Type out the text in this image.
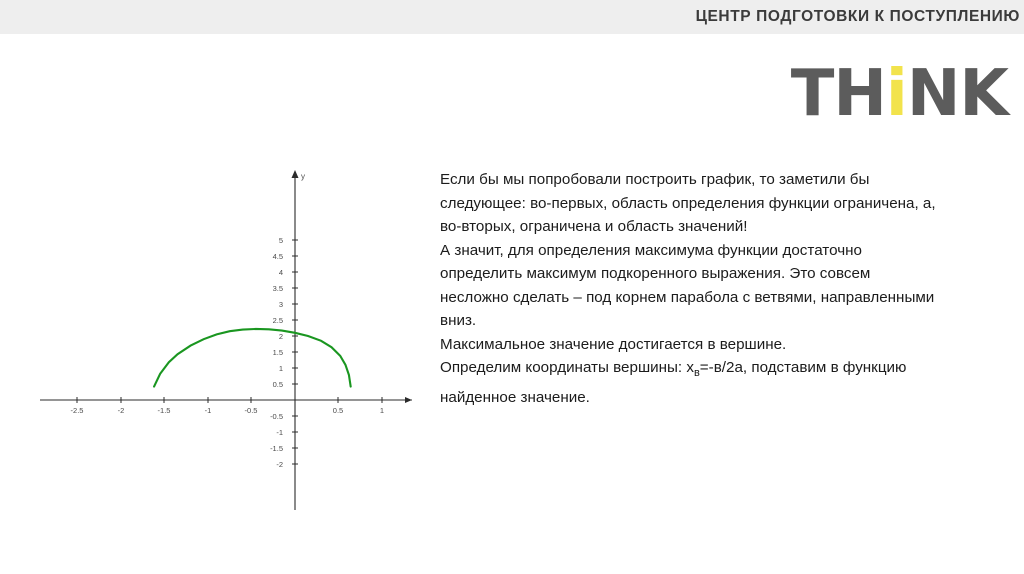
ЦЕНТР ПОДГОТОВКИ К ПОСТУПЛЕНИЮ
THiNK
y
5
4.5
4
3.5
3
2.5
2
1.5
1
0.5
-0.5
-1
-1.5
-2
-2.5	-2	-1.5	-1	-0.5	0.5	1

Если бы мы попробовали построить график, то заметили бы следующее: во-первых, область определения функции ограничена, а, во-вторых, ограничена и область значений!

А значит, для определения максимума функции достаточно определить максимум подкоренного выражения. Это совсем несложно сделать – под корнем парабола с ветвями, направленными вниз.

Максимальное значение достигается в вершине.

Определим координаты вершины: $x_в=-в/2a$, подставим в функцию найденное значение.
